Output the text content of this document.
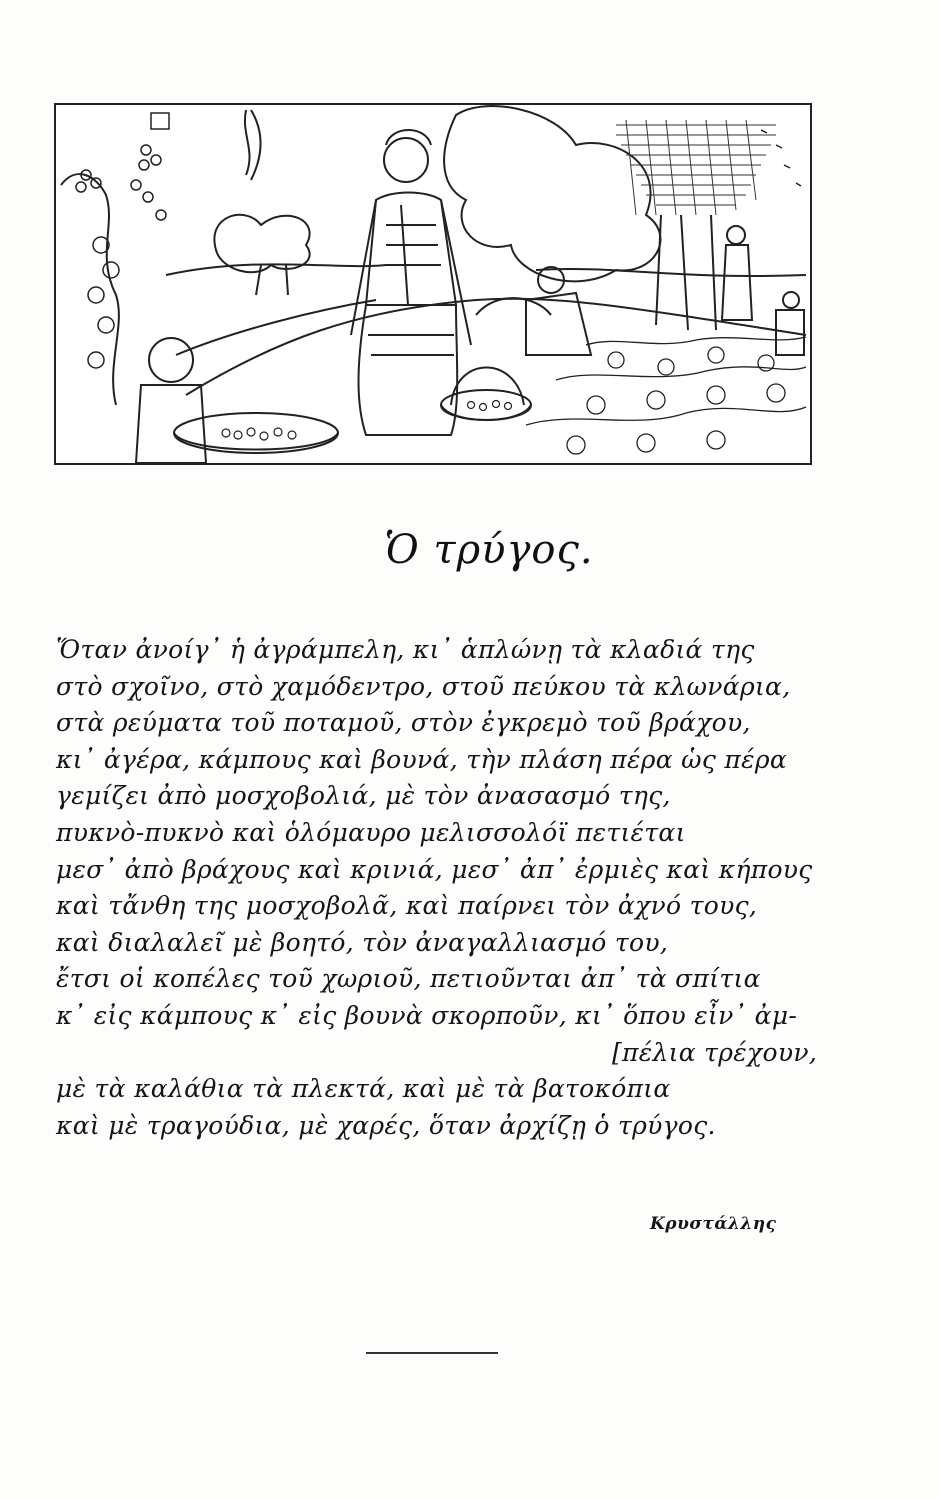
Ὁ τρύγος.
Ὅταν ἀνοίγ᾽ ἡ ἀγράμπελη, κι᾽ ἁπλώνῃ τὰ κλαδιά της
στὸ σχοῖνο, στὸ χαμόδεντρο, στοῦ πεύκου τὰ κλωνάρια,
στὰ ρεύματα τοῦ ποταμοῦ, στὸν ἐγκρεμὸ τοῦ βράχου,
κι᾽ ἀγέρα, κάμπους καὶ βουνά, τὴν πλάση πέρα ὡς πέρα
γεμίζει ἀπὸ μοσχοβολιά, μὲ τὸν ἀνασασμό της,
πυκνὸ-πυκνὸ καὶ ὁλόμαυρο μελισσολόϊ πετιέται
μεσ᾽ ἀπὸ βράχους καὶ κρινιά, μεσ᾽ ἀπ᾽ ἐρμιὲς καὶ κήπους
καὶ τἄνθη της μοσχοβολᾶ, καὶ παίρνει τὸν ἀχνό τους,
καὶ διαλαλεῖ μὲ βοητό, τὸν ἀναγαλλιασμό του,
ἔτσι οἱ κοπέλες τοῦ χωριοῦ, πετιοῦνται ἀπ᾽ τὰ σπίτια
κ᾽ εἰς κάμπους κ᾽ εἰς βουνὰ σκορποῦν, κι᾽ ὅπου εἶν᾽ ἀμ-
[πέλια τρέχουν,
μὲ τὰ καλάθια τὰ πλεκτά, καὶ μὲ τὰ βατοκόπια
καὶ μὲ τραγούδια, μὲ χαρές, ὅταν ἀρχίζῃ ὁ τρύγος.
Κρυστάλλης
